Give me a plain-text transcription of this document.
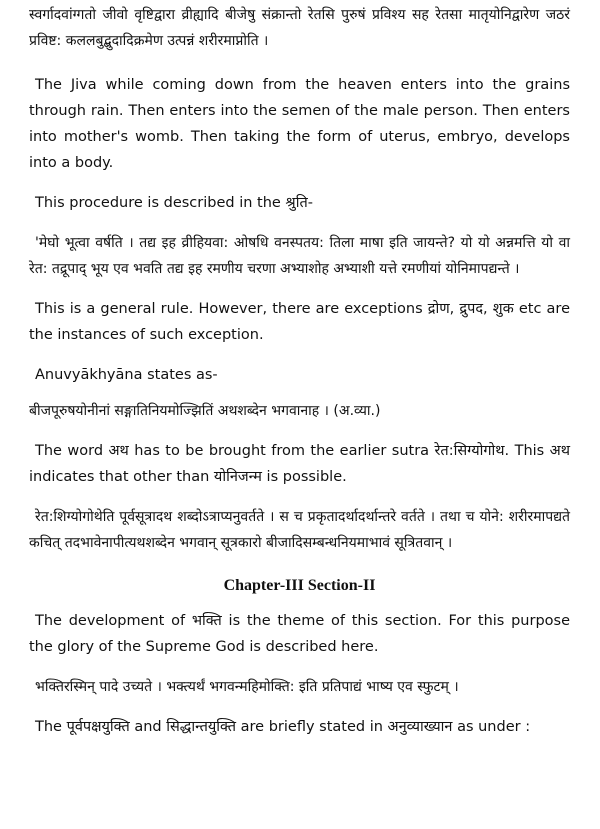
स्वर्गादवांग्गतो जीवो वृष्टिद्वारा व्रीह्यादि बीजेषु संक्रान्तो रेतसि पुरुषं प्रविश्य सह रेतसा मातृयोनिद्वारेण जठरं प्रविष्ट: कललबुद्बुदादिक्रमेण उत्पन्नं शरीरमाप्नोति ।

The Jiva while coming down from the heaven enters into the grains through rain. Then enters into the semen of the male person. Then enters into mother's womb. Then taking the form of uterus, embryo, develops into a body.

This procedure is described in the श्रुति-

'मेघो भूत्वा वर्षति । तद्य इह व्रीहियवा: ओषधि वनस्पतय: तिला माषा इति जायन्ते? यो यो अन्नमत्ति यो वा रेत: तद्रूपाद् भूय एव भवति तद्य इह रमणीय चरणा अभ्याशोह अभ्याशी यत्ते रमणीयां योनिमापद्यन्ते ।

This is a general rule. However, there are exceptions द्रोण, द्रुपद, शुक etc are the instances of such exception.

Anuvyākhyāna states as-

बीजपूरुषयोनीनां सङ्गातिनियमोज्झितिं अथशब्देन भगवानाह । (अ.व्या.)

The word अथ has to be brought from the earlier sutra रेत:सिग्योगोथ. This अथ indicates that other than योनिजन्म is possible.

रेत:शिग्योगोथेति पूर्वसूत्रादथ शब्दोऽत्राप्यनुवर्तते । स च प्रकृतादर्थादर्थान्तरे वर्तते । तथा च योने: शरीरमापद्यते कचित् तदभावेनापीत्यथशब्देन भगवान् सूत्रकारो बीजादिसम्बन्धनियमाभावं सूत्रितवान् ।

Chapter-III Section-II

The development of भक्ति is the theme of this section. For this purpose the glory of the Supreme God is described here.

भक्तिरस्मिन् पादे उच्यते । भक्त्यर्थं भगवन्महिमोक्ति: इति प्रतिपाद्यं भाष्य एव स्फुटम् ।

The पूर्वपक्षयुक्ति and सिद्धान्तयुक्ति are briefly stated in अनुव्याख्यान as under :
